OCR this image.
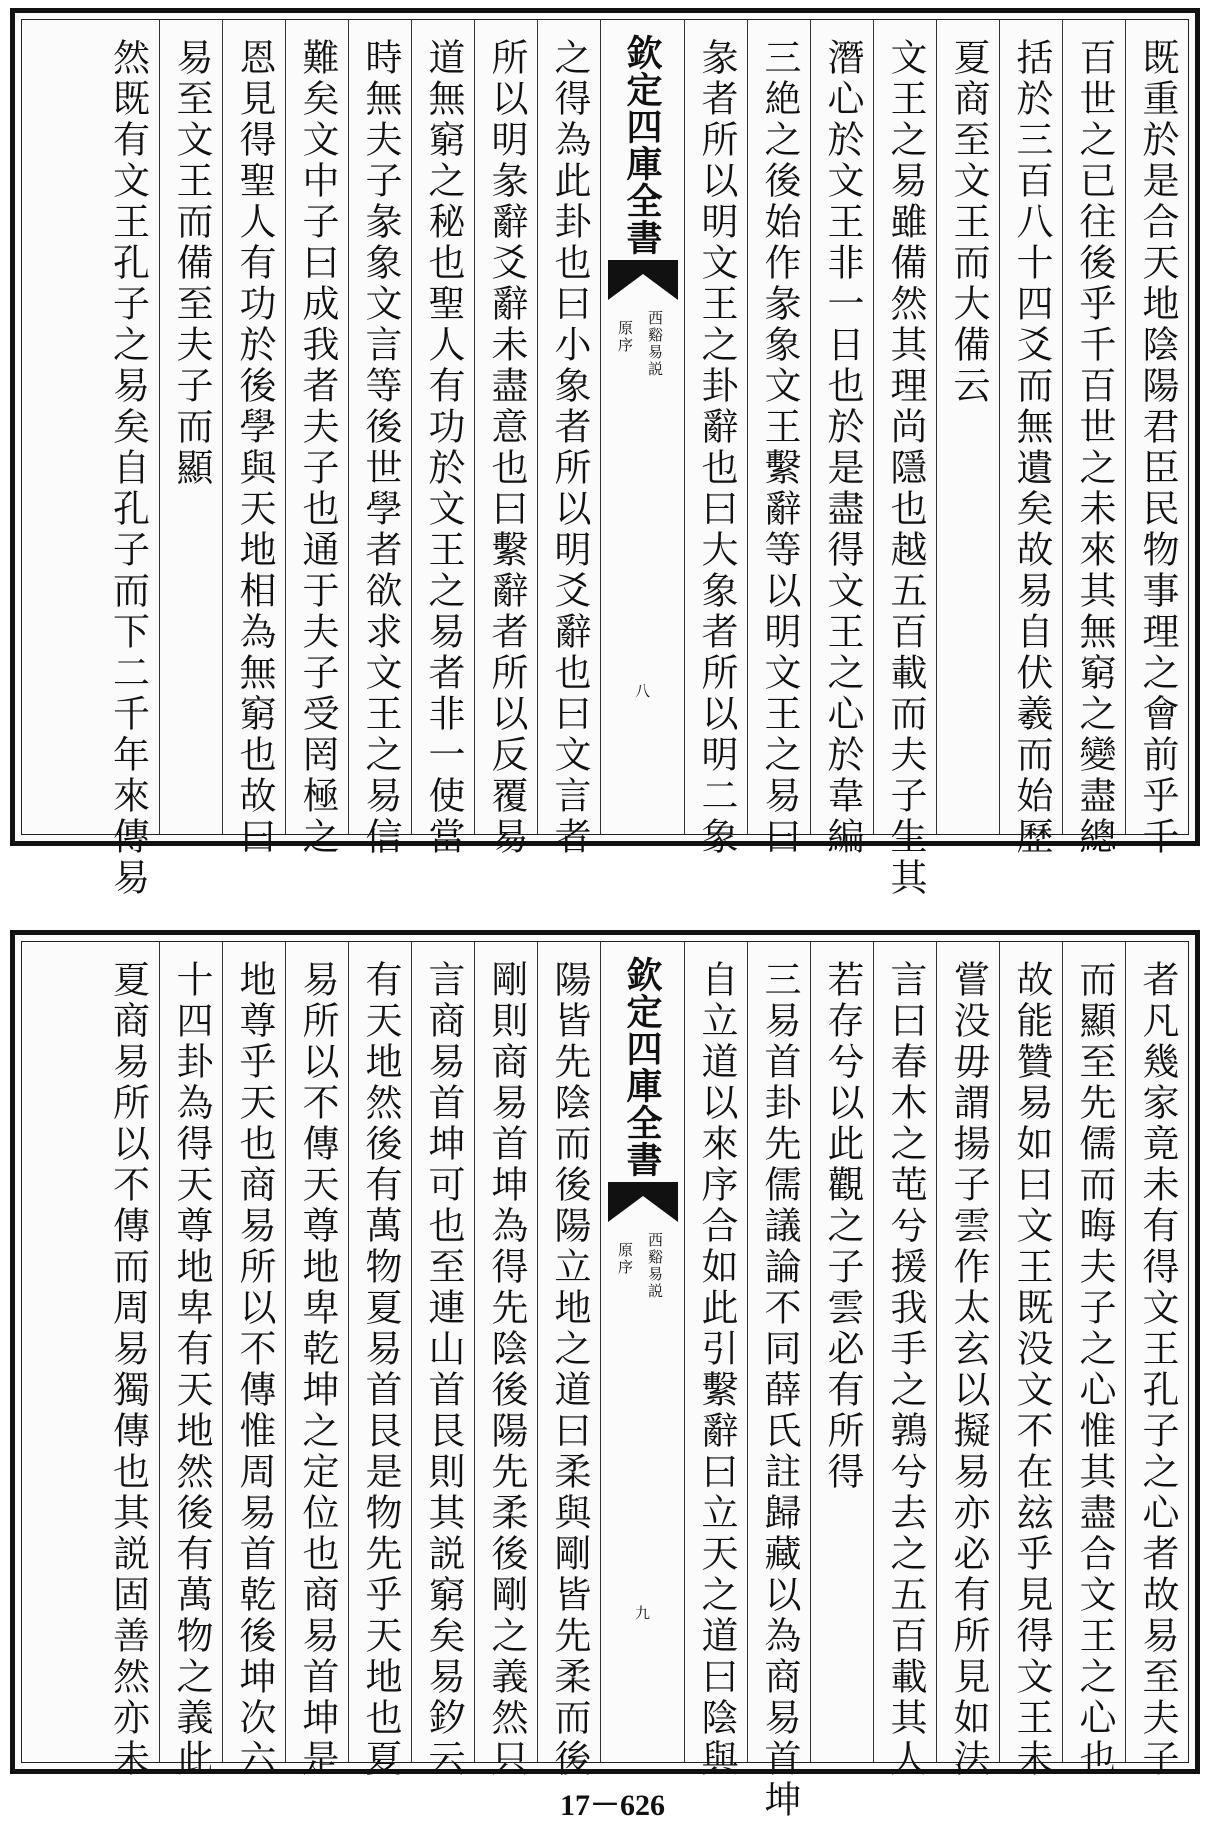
既重於是合天地陰陽君臣民物事理之會前乎千
百世之已往後乎千百世之未來其無窮之變盡總
括於三百八十四爻而無遺矣故易自伏羲而始歷
夏商至文王而大備云
文王之易雖備然其理尚隱也越五百載而夫子生其
潛心於文王非一日也於是盡得文王之心於韋編
三絶之後始作彖象文王繫辭等以明文王之易曰
彖者所以明文王之卦辭也曰大象者所以明二象
欽定四庫全書
西谿易説
原序
八
之得為此卦也曰小象者所以明爻辭也曰文言者
所以明彖辭爻辭未盡意也曰繫辭者所以反覆易
道無窮之秘也聖人有功於文王之易者非一使當
時無夫子彖象文言等後世學者欲求文王之易信
難矣文中子曰成我者夫子也通于夫子受罔極之
恩見得聖人有功於後學與天地相為無窮也故曰
易至文王而備至夫子而顯
然既有文王孔子之易矣自孔子而下二千年來傳易
者凡幾家竟未有得文王孔子之心者故易至夫子
而顯至先儒而晦夫子之心惟其盡合文王之心也
故能贊易如曰文王既没文不在玆乎見得文王未
嘗没毋謂揚子雲作太玄以擬易亦必有所見如法
言曰春木之芚兮援我手之鶉兮去之五百載其人
若存兮以此觀之子雲必有所得
三易首卦先儒議論不同薛氏註歸藏以為商易首坤
自立道以來序合如此引繫辭曰立天之道曰陰與
欽定四庫全書
西谿易説
原序
九
陽皆先陰而後陽立地之道曰柔與剛皆先柔而後
剛則商易首坤為得先陰後陽先柔後剛之義然只
言商易首坤可也至連山首艮則其説窮矣易釸云
有天地然後有萬物夏易首艮是物先乎天地也夏
易所以不傳天尊地卑乾坤之定位也商易首坤是
地尊乎天也商易所以不傳惟周易首乾後坤次六
十四卦為得天尊地卑有天地然後有萬物之義此
夏商易所以不傳而周易獨傳也其説固善然亦未
17－626
